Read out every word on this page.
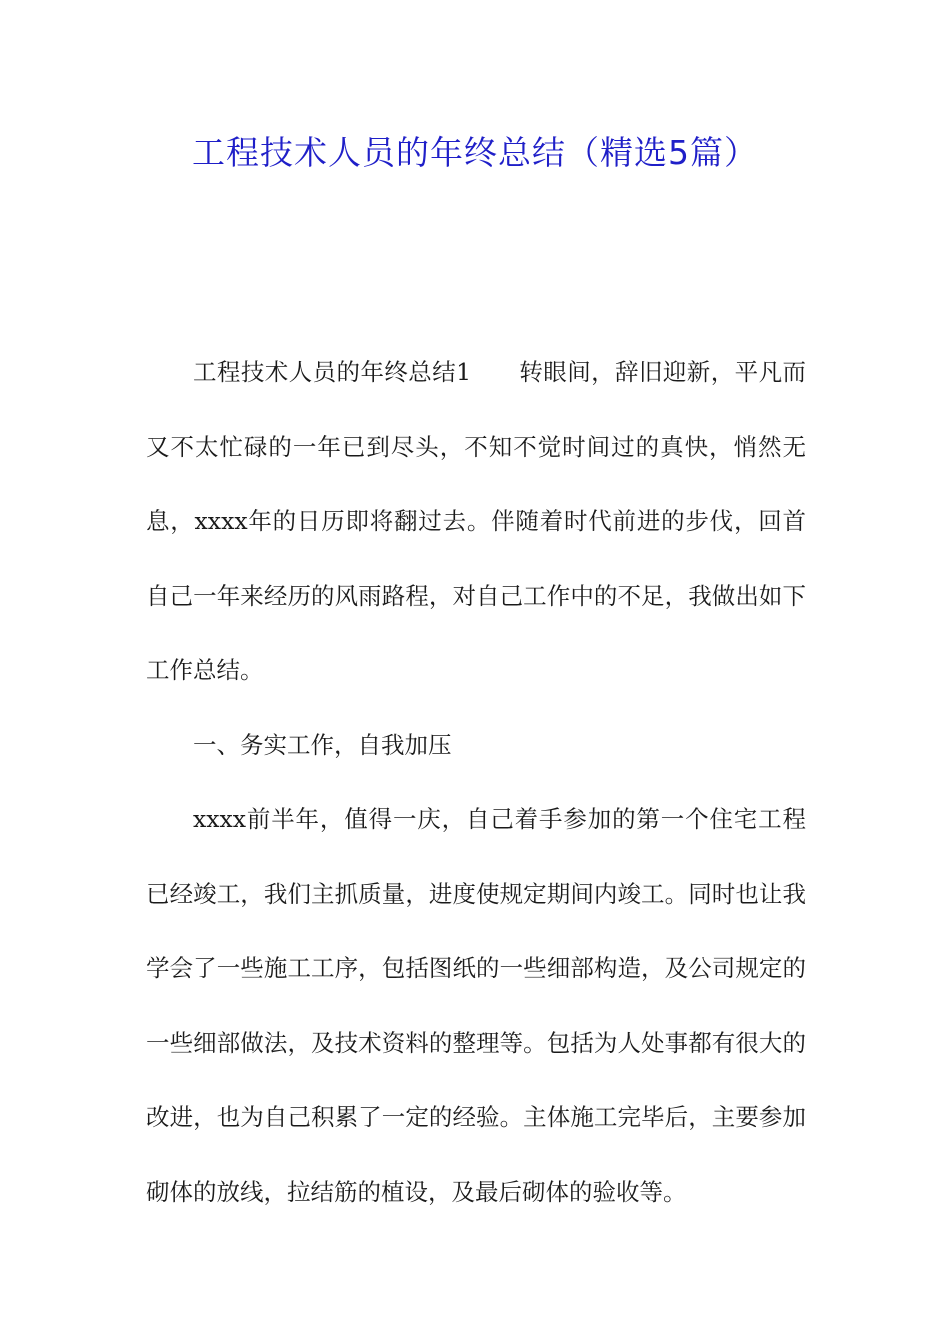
工程技术人员的年终总结（精选5篇）

工程技术人员的年终总结1　　转眼间，辞旧迎新，平凡而又不太忙碌的一年已到尽头，不知不觉时间过的真快，悄然无息，xxxx年的日历即将翻过去。伴随着时代前进的步伐，回首自己一年来经历的风雨路程，对自己工作中的不足，我做出如下工作总结。

一、务实工作，自我加压

xxxx前半年，值得一庆，自己着手参加的第一个住宅工程已经竣工，我们主抓质量，进度使规定期间内竣工。同时也让我学会了一些施工工序，包括图纸的一些细部构造，及公司规定的一些细部做法，及技术资料的整理等。包括为人处事都有很大的改进，也为自己积累了一定的经验。主体施工完毕后，主要参加砌体的放线，拉结筋的植设，及最后砌体的验收等。
